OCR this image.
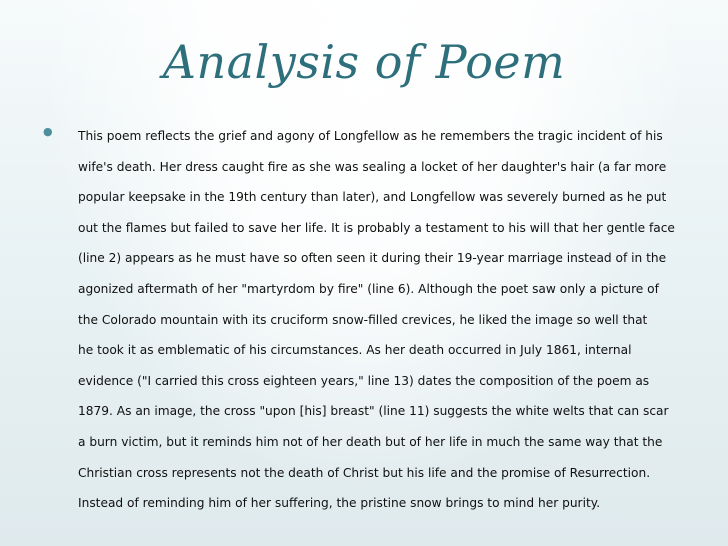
Analysis of Poem
● This poem reflects the grief and agony of Longfellow as he remembers the tragic incident of his
wife's death. Her dress caught fire as she was sealing a locket of her daughter's hair (a far more
popular keepsake in the 19th century than later), and Longfellow was severely burned as he put
out the flames but failed to save her life. It is probably a testament to his will that her gentle face
(line 2) appears as he must have so often seen it during their 19-year marriage instead of in the
agonized aftermath of her "martyrdom by fire" (line 6). Although the poet saw only a picture of
the Colorado mountain with its cruciform snow-filled crevices, he liked the image so well that
he took it as emblematic of his circumstances. As her death occurred in July 1861, internal
evidence ("I carried this cross eighteen years," line 13) dates the composition of the poem as
1879. As an image, the cross "upon [his] breast" (line 11) suggests the white welts that can scar
a burn victim, but it reminds him not of her death but of her life in much the same way that the
Christian cross represents not the death of Christ but his life and the promise of Resurrection.
Instead of reminding him of her suffering, the pristine snow brings to mind her purity.
